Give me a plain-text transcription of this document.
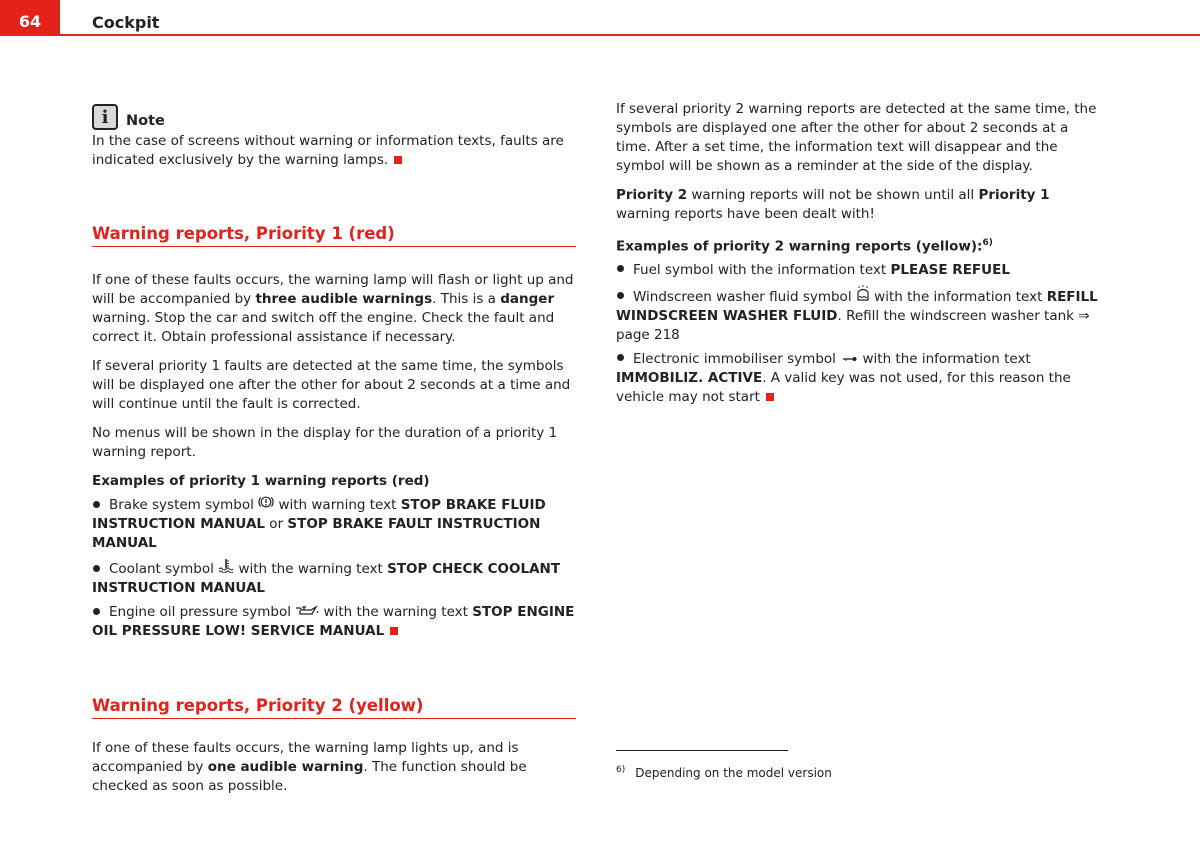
64	Cockpit
i	Note

In the case of screens without warning or information texts, faults are indicated exclusively by the warning lamps.

Warning reports, Priority 1 (red)

If one of these faults occurs, the warning lamp will flash or light up and will be accompanied by three audible warnings. This is a danger warning. Stop the car and switch off the engine. Check the fault and correct it. Obtain professional assistance if necessary.

If several priority 1 faults are detected at the same time, the symbols will be displayed one after the other for about 2 seconds at a time and will continue until the fault is corrected.

No menus will be shown in the display for the duration of a priority 1 warning report.

Examples of priority 1 warning reports (red)

Brake system symbol  with warning text STOP BRAKE FLUID INSTRUCTION MANUAL or STOP BRAKE FAULT INSTRUCTION MANUAL

Coolant symbol  with the warning text STOP CHECK COOLANT INSTRUCTION MANUAL

Engine oil pressure symbol  with the warning text STOP ENGINE OIL PRESSURE LOW! SERVICE MANUAL

Warning reports, Priority 2 (yellow)

If one of these faults occurs, the warning lamp lights up, and is accompanied by one audible warning. The function should be checked as soon as possible.

If several priority 2 warning reports are detected at the same time, the symbols are displayed one after the other for about 2 seconds at a time. After a set time, the information text will disappear and the symbol will be shown as a reminder at the side of the display.

Priority 2 warning reports will not be shown until all Priority 1 warning reports have been dealt with!

Examples of priority 2 warning reports (yellow):$^{6)}$

Fuel symbol with the information text PLEASE REFUEL

Windscreen washer fluid symbol  with the information text REFILL WINDSCREEN WASHER FLUID. Refill the windscreen washer tank ⇒ page 218

Electronic immobiliser symbol  with the information text IMMOBILIZ. ACTIVE. A valid key was not used, for this reason the vehicle may not start

$^{6)}$ Depending on the model version
